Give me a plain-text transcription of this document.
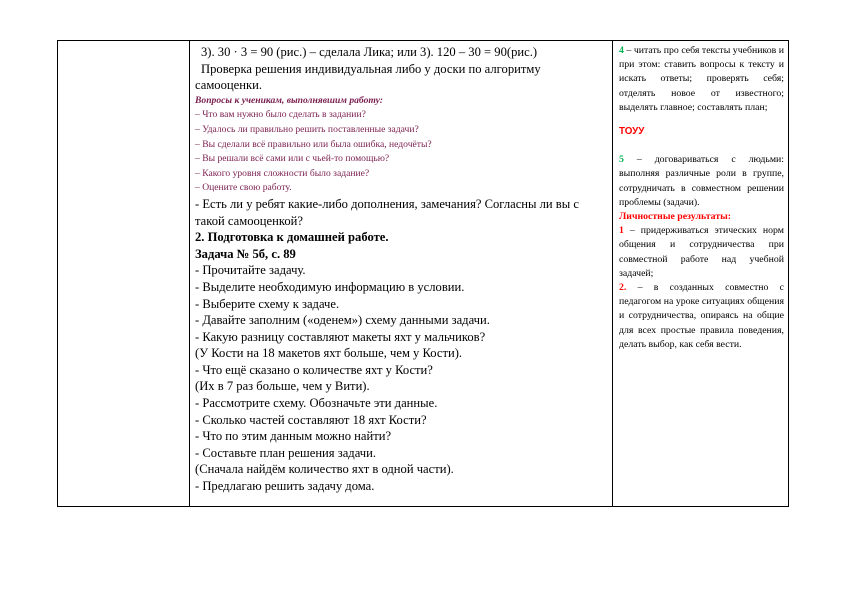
3). 30 · 3 = 90 (рис.) – сделала Лика; или 3). 120 – 30 = 90(рис.)

Проверка решения индивидуальная либо у доски по алгоритму самооценки.

Вопросы к ученикам, выполнявшим работу:

– Что вам нужно было сделать в задании?

– Удалось ли правильно решить поставленные задачи?

– Вы сделали всё правильно или была ошибка, недочёты?

– Вы решали всё сами или с чьей-то помощью?

– Какого уровня сложности было задание?

– Оцените свою работу.

- Есть ли у ребят какие-либо дополнения, замечания? Согласны ли вы с такой самооценкой?

2. Подготовка к домашней работе.

Задача № 5б, с. 89

- Прочитайте задачу.

- Выделите необходимую информацию в условии.

- Выберите схему к задаче.

- Давайте заполним («оденем») схему данными задачи.

- Какую разницу составляют макеты яхт у мальчиков?

(У Кости на 18 макетов яхт больше, чем у Кости).

- Что ещё сказано о количестве яхт у Кости?

(Их в 7 раз больше, чем у Вити).

- Рассмотрите схему. Обозначьте эти данные.

- Сколько частей составляют 18 яхт Кости?

- Что по этим данным можно найти?

- Составьте план решения задачи.

(Сначала найдём количество яхт в одной части).

- Предлагаю решить задачу дома.

4 – читать про себя тексты учебников и при этом: ставить вопросы к тексту и искать ответы; проверять себя; отделять новое от известного; выделять главное; составлять план;

ТОУУ

5 – договариваться с людьми: выполняя различные роли в группе, сотрудничать в совместном решении проблемы (задачи).

Личностные результаты:

1 – придерживаться этических норм общения и сотрудничества при совместной работе над учебной задачей;

2. – в созданных совместно с педагогом на уроке ситуациях общения и сотрудничества, опираясь на общие для всех простые правила поведения, делать выбор, как себя вести.
